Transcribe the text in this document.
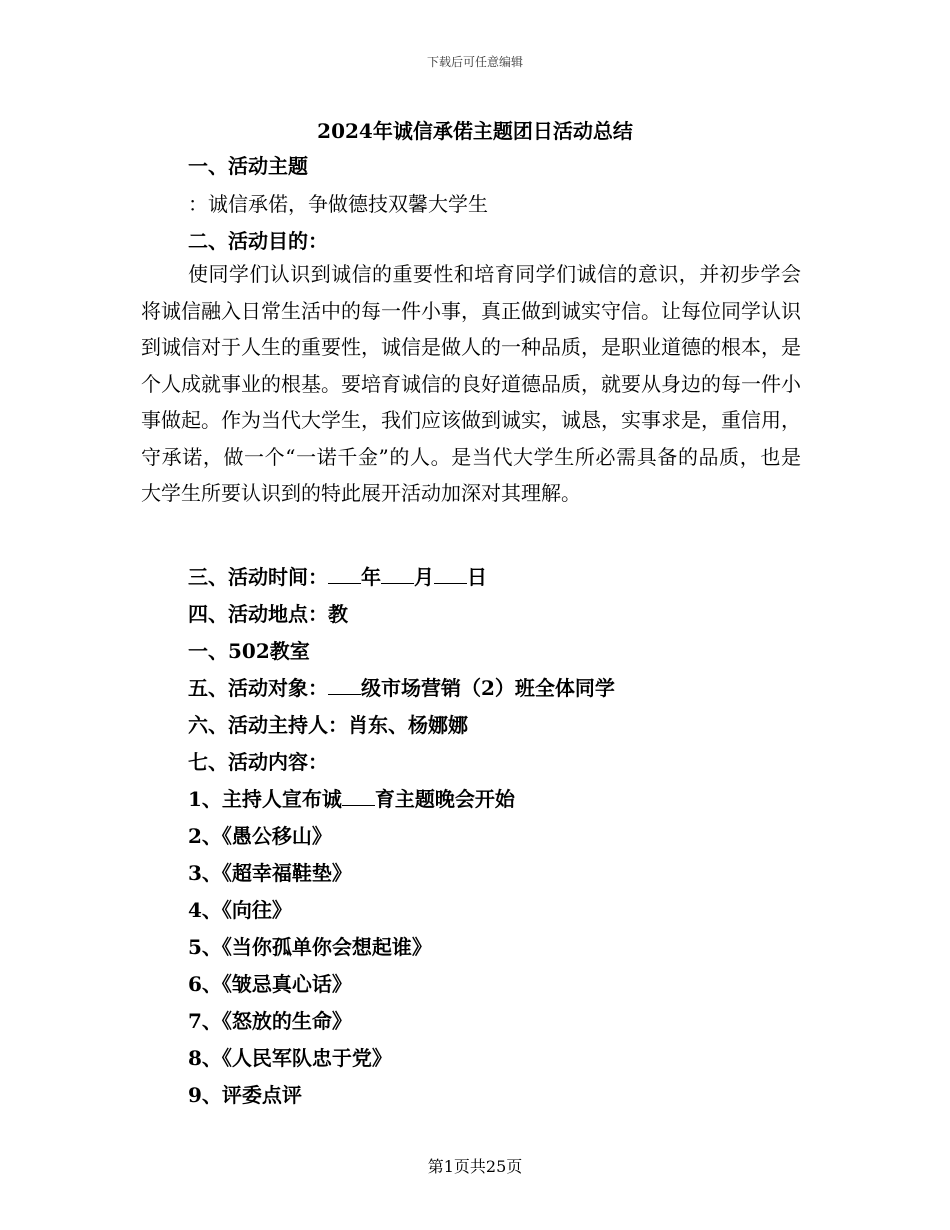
下载后可任意编辑
2024年诚信承偌主题团日活动总结
一、活动主题
：诚信承偌，争做德技双馨大学生
二、活动目的：
使同学们认识到诚信的重要性和培育同学们诚信的意识，并初步学会将诚信融入日常生活中的每一件小事，真正做到诚实守信。让每位同学认识到诚信对于人生的重要性，诚信是做人的一种品质，是职业道德的根本，是个人成就事业的根基。要培育诚信的良好道德品质，就要从身边的每一件小事做起。作为当代大学生，我们应该做到诚实，诚恳，实事求是，重信用，守承诺，做一个“一诺千金”的人。是当代大学生所必需具备的品质，也是大学生所要认识到的特此展开活动加深对其理解。
三、活动时间： 年 月 日
四、活动地点：教
一、502教室
五、活动对象： 级市场营销（2）班全体同学
六、活动主持人：肖东、杨娜娜
七、活动内容：
1、主持人宣布诚 育主题晚会开始
2、《愚公移山》
3、《超幸福鞋垫》
4、《向往》
5、《当你孤单你会想起谁》
6、《皱忌真心话》
7、《怒放的生命》
8、《人民军队忠于党》
9、评委点评
第1页共25页
